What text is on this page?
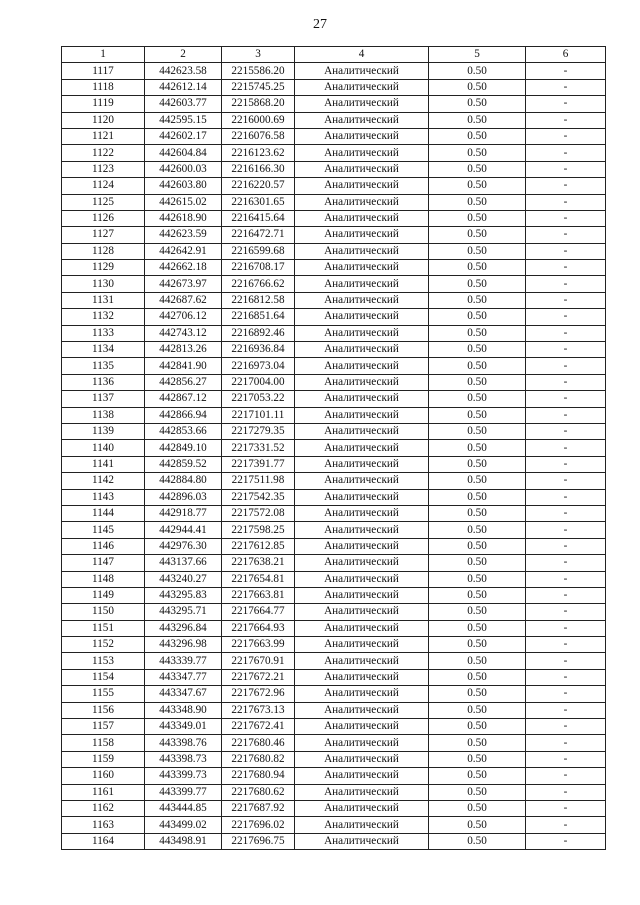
27
1	2	3	4	5	6
1117	442623.58	2215586.20	Аналитический	0.50	-
1118	442612.14	2215745.25	Аналитический	0.50	-
1119	442603.77	2215868.20	Аналитический	0.50	-
1120	442595.15	2216000.69	Аналитический	0.50	-
1121	442602.17	2216076.58	Аналитический	0.50	-
1122	442604.84	2216123.62	Аналитический	0.50	-
1123	442600.03	2216166.30	Аналитический	0.50	-
1124	442603.80	2216220.57	Аналитический	0.50	-
1125	442615.02	2216301.65	Аналитический	0.50	-
1126	442618.90	2216415.64	Аналитический	0.50	-
1127	442623.59	2216472.71	Аналитический	0.50	-
1128	442642.91	2216599.68	Аналитический	0.50	-
1129	442662.18	2216708.17	Аналитический	0.50	-
1130	442673.97	2216766.62	Аналитический	0.50	-
1131	442687.62	2216812.58	Аналитический	0.50	-
1132	442706.12	2216851.64	Аналитический	0.50	-
1133	442743.12	2216892.46	Аналитический	0.50	-
1134	442813.26	2216936.84	Аналитический	0.50	-
1135	442841.90	2216973.04	Аналитический	0.50	-
1136	442856.27	2217004.00	Аналитический	0.50	-
1137	442867.12	2217053.22	Аналитический	0.50	-
1138	442866.94	2217101.11	Аналитический	0.50	-
1139	442853.66	2217279.35	Аналитический	0.50	-
1140	442849.10	2217331.52	Аналитический	0.50	-
1141	442859.52	2217391.77	Аналитический	0.50	-
1142	442884.80	2217511.98	Аналитический	0.50	-
1143	442896.03	2217542.35	Аналитический	0.50	-
1144	442918.77	2217572.08	Аналитический	0.50	-
1145	442944.41	2217598.25	Аналитический	0.50	-
1146	442976.30	2217612.85	Аналитический	0.50	-
1147	443137.66	2217638.21	Аналитический	0.50	-
1148	443240.27	2217654.81	Аналитический	0.50	-
1149	443295.83	2217663.81	Аналитический	0.50	-
1150	443295.71	2217664.77	Аналитический	0.50	-
1151	443296.84	2217664.93	Аналитический	0.50	-
1152	443296.98	2217663.99	Аналитический	0.50	-
1153	443339.77	2217670.91	Аналитический	0.50	-
1154	443347.77	2217672.21	Аналитический	0.50	-
1155	443347.67	2217672.96	Аналитический	0.50	-
1156	443348.90	2217673.13	Аналитический	0.50	-
1157	443349.01	2217672.41	Аналитический	0.50	-
1158	443398.76	2217680.46	Аналитический	0.50	-
1159	443398.73	2217680.82	Аналитический	0.50	-
1160	443399.73	2217680.94	Аналитический	0.50	-
1161	443399.77	2217680.62	Аналитический	0.50	-
1162	443444.85	2217687.92	Аналитический	0.50	-
1163	443499.02	2217696.02	Аналитический	0.50	-
1164	443498.91	2217696.75	Аналитический	0.50	-
